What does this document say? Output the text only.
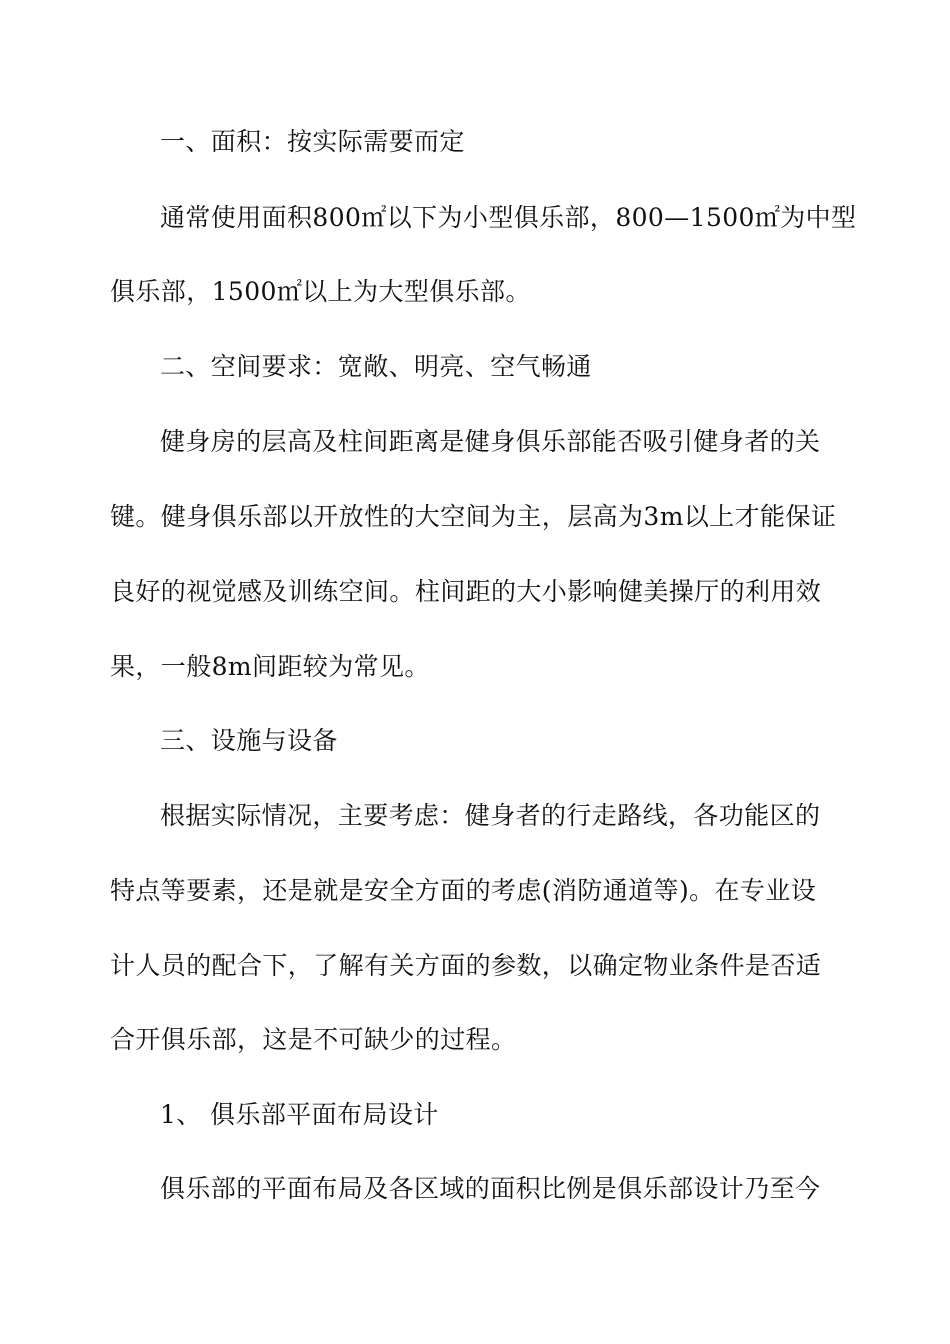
一、面积：按实际需要而定
通常使用面积800㎡以下为小型俱乐部，800—1500㎡为中型
俱乐部，1500㎡以上为大型俱乐部。
二、空间要求：宽敞、明亮、空气畅通
健身房的层高及柱间距离是健身俱乐部能否吸引健身者的关
键。健身俱乐部以开放性的大空间为主，层高为3m以上才能保证
良好的视觉感及训练空间。柱间距的大小影响健美操厅的利用效
果，一般8m间距较为常见。
三、设施与设备
根据实际情况，主要考虑：健身者的行走路线，各功能区的
特点等要素，还是就是安全方面的考虑(消防通道等)。在专业设
计人员的配合下，了解有关方面的参数，以确定物业条件是否适
合开俱乐部，这是不可缺少的过程。
1、 俱乐部平面布局设计
俱乐部的平面布局及各区域的面积比例是俱乐部设计乃至今
